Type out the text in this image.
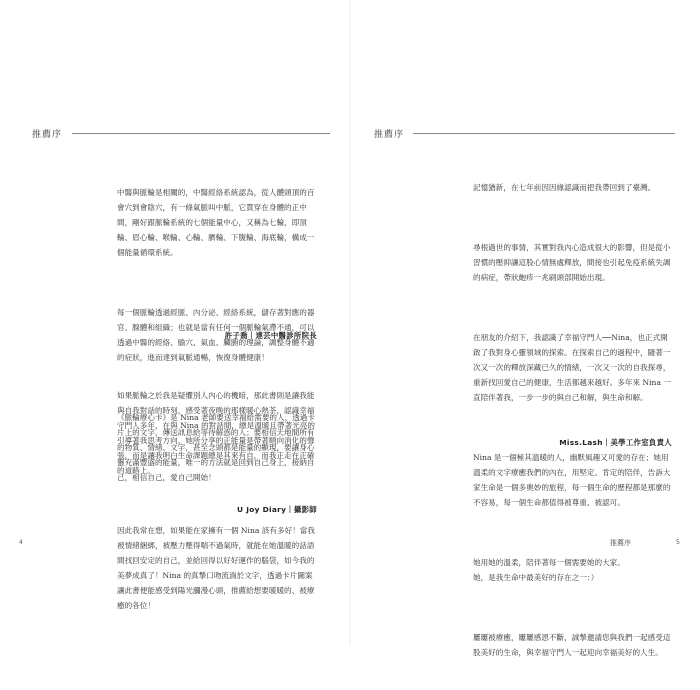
推薦序

中醫與脈輪是相關的，中醫經絡系統認為，從人體頭頂的百會穴到會陰穴，有一條氣脈叫中脈，它貫穿在身體的正中間，剛好跟脈輪系統的七個能量中心，又稱為七輪，即頂輪、眉心輪、喉輪、心輪、臍輪、下腹輪、海底輪，構成一個能量循環系統。

每一個脈輪透過經脈、內分泌、經絡系統，儲存著對應的器官、腺體和組織；也就是當有任何一個脈輪氣滯不通，可以透過中醫的經絡、腧穴、氣血、臟腑的理論，調整身體不適的症狀，進而達到氣脈通暢，恢復身體健康！

《脈輪療心卡》是 Nina 老師要送幸福給需要的人，透過卡片上的文字，傳送訊息給等待解惑的人；要相信天地間所有的物質、情緒、文字，甚至念頭都是能量的顯現，要讓身心靈充滿豐盛的能量，唯一的方法就是回到自己身上，接納自己，相信自己，愛自己開始！

許子喬｜達芸中醫診所院長

如果脈輪之於我是疑懼別人內心的機暗，那此書則是讓我能與自我對話的時刻，感受著夜晚的那樣暖心熱茶，認識幸福守門人多年，在與 Nina 的對話間，總是溫暖且帶著光亮的引導著我思考方向，她所分享的正能量是帶著順向消化的聲張，而是讓我明白生命課題總是其來有自，而我正走在正確的道路上。

因此我常在想，如果能在家擁有一個 Nina 該有多好！當我被情緒綑綁，被壓力壓得喘不過氣時，就能在她溫暖的話語間找回安定的自己，並給回得以好好運作的腦袋，如今我的美夢成真了！Nina 的真摯口吻流淌於文字，透過卡片圖案讓此書便能感受到陽光瀰漫心頭，推薦給想要暖暖的、被療癒的各位！

U Joy Diary｜攝影師
4
推薦序

記憶猶新，在七年前因因緣認識而把我帶回到了臺灣。

尋根過世的事情，其實對我內心造成很大的影響，但是從小習慣的壓抑讓這股心情無處釋放，間接也引起免疫系統失調的病症，帶狀皰疹一兆刷頭部開始出現。

在朋友的介紹下，我認識了幸福守門人──Nina，也正式開啟了我對身心靈領域的探索。在探索自己的過程中，隨著一次又一次的釋放深藏已久的情緒，一次又一次的自我探尋，重新找回愛自己的健康，生活都越來越好。多年來 Nina 一直陪伴著我，一步一步的與自己和解，與生命和解。

Nina 是一個極其溫暖的人，幽默風趣又可愛的存在；她用溫柔的文字療癒我們的內在，用堅定、肯定的陪伴，告訴大家生命是一個多奧妙的旅程，每一個生命的歷程都是那麼的不容易，每一個生命都值得被尊重、被認可。

她用她的溫柔，陪伴著每一個需要她的大家。
她，是我生命中最美好的存在之一：）

屢屢被療癒，屢屢感恩不斷，誠摯邀請您與我們一起感受這股美好的生命，與幸福守門人一起迎向幸福美好的人生。

Miss.Lash｜美學工作室負責人
推薦序	5
